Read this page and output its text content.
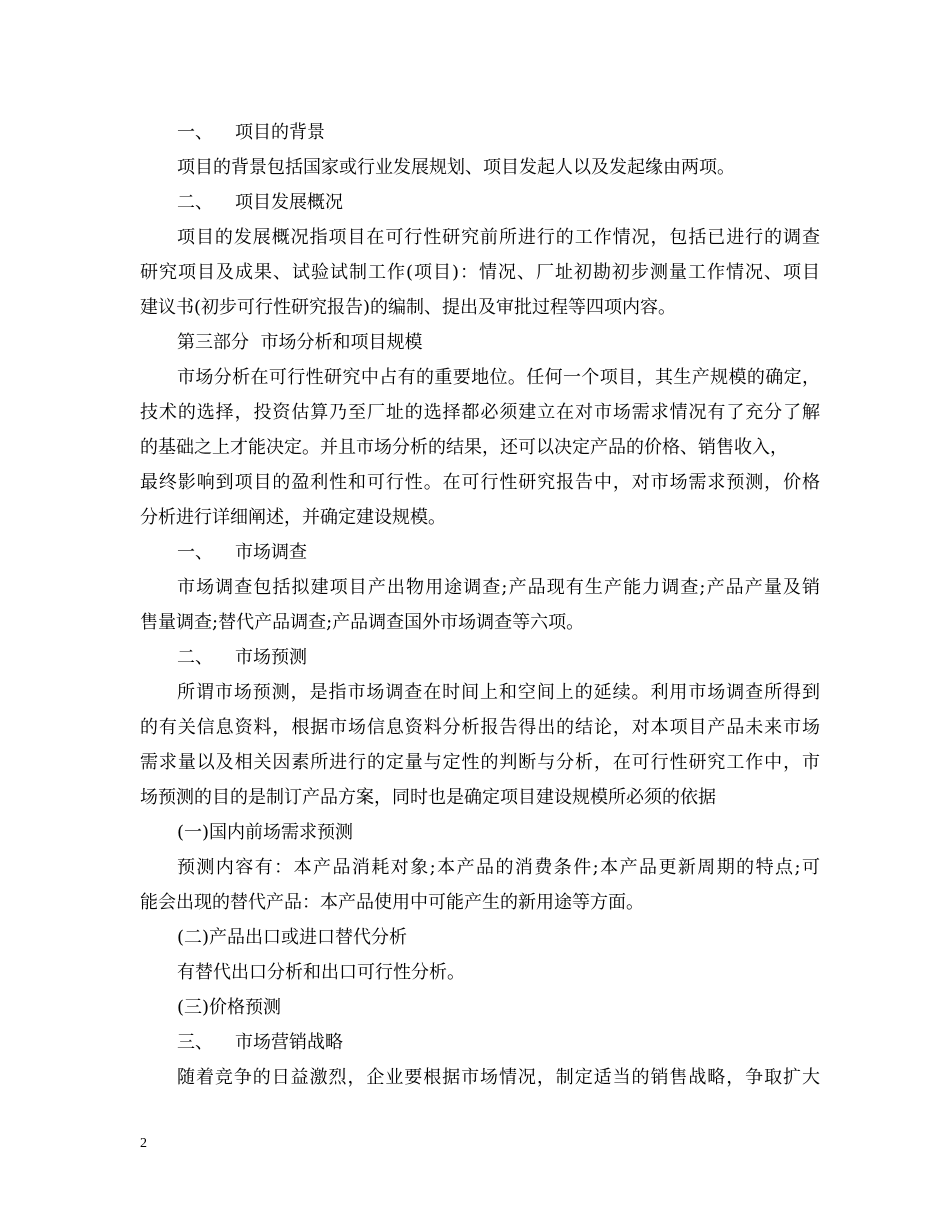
一、 项目的背景
项目的背景包括国家或行业发展规划、项目发起人以及发起缘由两项。
二、 项目发展概况
项目的发展概况指项目在可行性研究前所进行的工作情况，包括已进行的调查
研究项目及成果、试验试制工作(项目)：情况、厂址初勘初步测量工作情况、项目
建议书(初步可行性研究报告)的编制、提出及审批过程等四项内容。
第三部分  市场分析和项目规模
市场分析在可行性研究中占有的重要地位。任何一个项目，其生产规模的确定，
技术的选择，投资估算乃至厂址的选择都必须建立在对市场需求情况有了充分了解
的基础之上才能决定。并且市场分析的结果，还可以决定产品的价格、销售收入，
最终影响到项目的盈利性和可行性。在可行性研究报告中，对市场需求预测，价格
分析进行详细阐述，并确定建设规模。
一、 市场调查
市场调查包括拟建项目产出物用途调查;产品现有生产能力调查;产品产量及销
售量调查;替代产品调查;产品调查国外市场调查等六项。
二、 市场预测
所谓市场预测，是指市场调查在时间上和空间上的延续。利用市场调查所得到
的有关信息资料，根据市场信息资料分析报告得出的结论，对本项目产品未来市场
需求量以及相关因素所进行的定量与定性的判断与分析，在可行性研究工作中，市
场预测的目的是制订产品方案，同时也是确定项目建设规模所必须的依据
(一)国内前场需求预测
预测内容有：本产品消耗对象;本产品的消费条件;本产品更新周期的特点;可
能会出现的替代产品：本产品使用中可能产生的新用途等方面。
(二)产品出口或进口替代分析
有替代出口分析和出口可行性分析。
(三)价格预测
三、 市场营销战略
随着竞争的日益激烈，企业要根据市场情况，制定适当的销售战略，争取扩大
2
